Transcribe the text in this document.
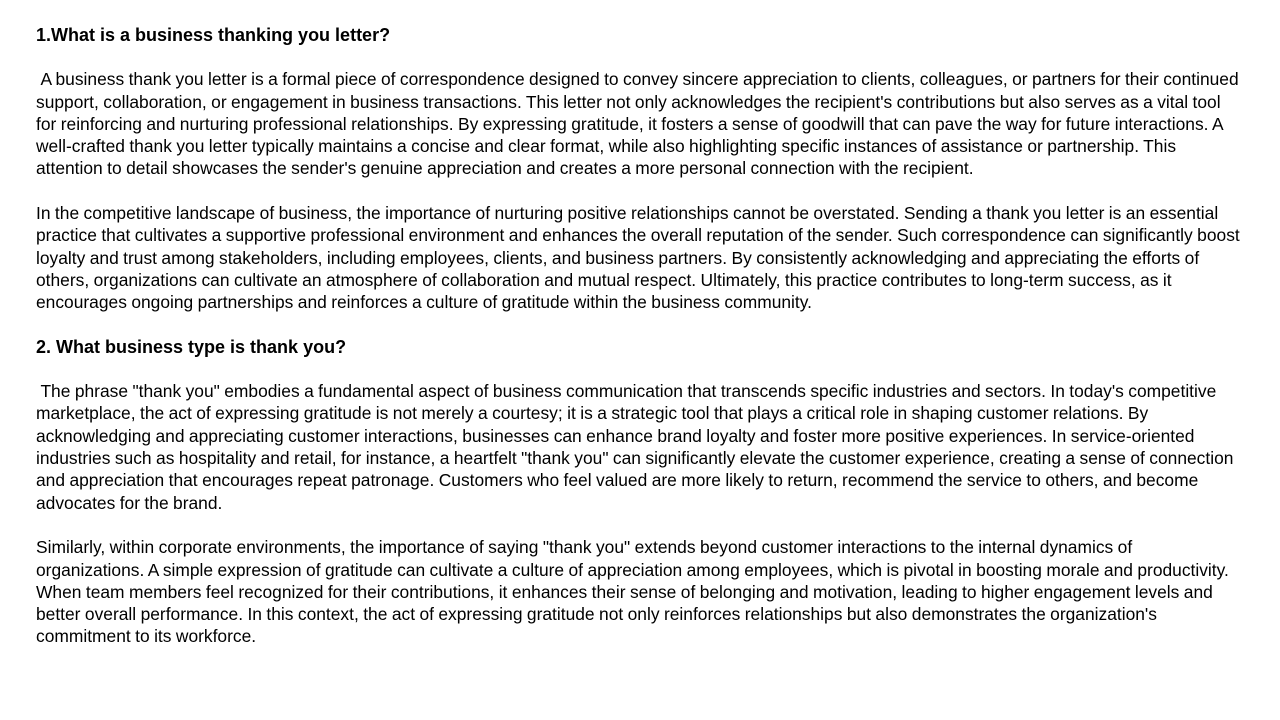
1.What is a business thanking you letter?

A business thank you letter is a formal piece of correspondence designed to convey sincere appreciation to clients, colleagues, or partners for their continued support, collaboration, or engagement in business transactions. This letter not only acknowledges the recipient's contributions but also serves as a vital tool for reinforcing and nurturing professional relationships. By expressing gratitude, it fosters a sense of goodwill that can pave the way for future interactions. A well-crafted thank you letter typically maintains a concise and clear format, while also highlighting specific instances of assistance or partnership. This attention to detail showcases the sender's genuine appreciation and creates a more personal connection with the recipient.

In the competitive landscape of business, the importance of nurturing positive relationships cannot be overstated. Sending a thank you letter is an essential practice that cultivates a supportive professional environment and enhances the overall reputation of the sender. Such correspondence can significantly boost loyalty and trust among stakeholders, including employees, clients, and business partners. By consistently acknowledging and appreciating the efforts of others, organizations can cultivate an atmosphere of collaboration and mutual respect. Ultimately, this practice contributes to long-term success, as it encourages ongoing partnerships and reinforces a culture of gratitude within the business community.

2. What business type is thank you?

The phrase "thank you" embodies a fundamental aspect of business communication that transcends specific industries and sectors. In today's competitive marketplace, the act of expressing gratitude is not merely a courtesy; it is a strategic tool that plays a critical role in shaping customer relations. By acknowledging and appreciating customer interactions, businesses can enhance brand loyalty and foster more positive experiences. In service-oriented industries such as hospitality and retail, for instance, a heartfelt "thank you" can significantly elevate the customer experience, creating a sense of connection and appreciation that encourages repeat patronage. Customers who feel valued are more likely to return, recommend the service to others, and become advocates for the brand.

Similarly, within corporate environments, the importance of saying "thank you" extends beyond customer interactions to the internal dynamics of organizations. A simple expression of gratitude can cultivate a culture of appreciation among employees, which is pivotal in boosting morale and productivity. When team members feel recognized for their contributions, it enhances their sense of belonging and motivation, leading to higher engagement levels and better overall performance. In this context, the act of expressing gratitude not only reinforces relationships but also demonstrates the organization's commitment to its workforce.
